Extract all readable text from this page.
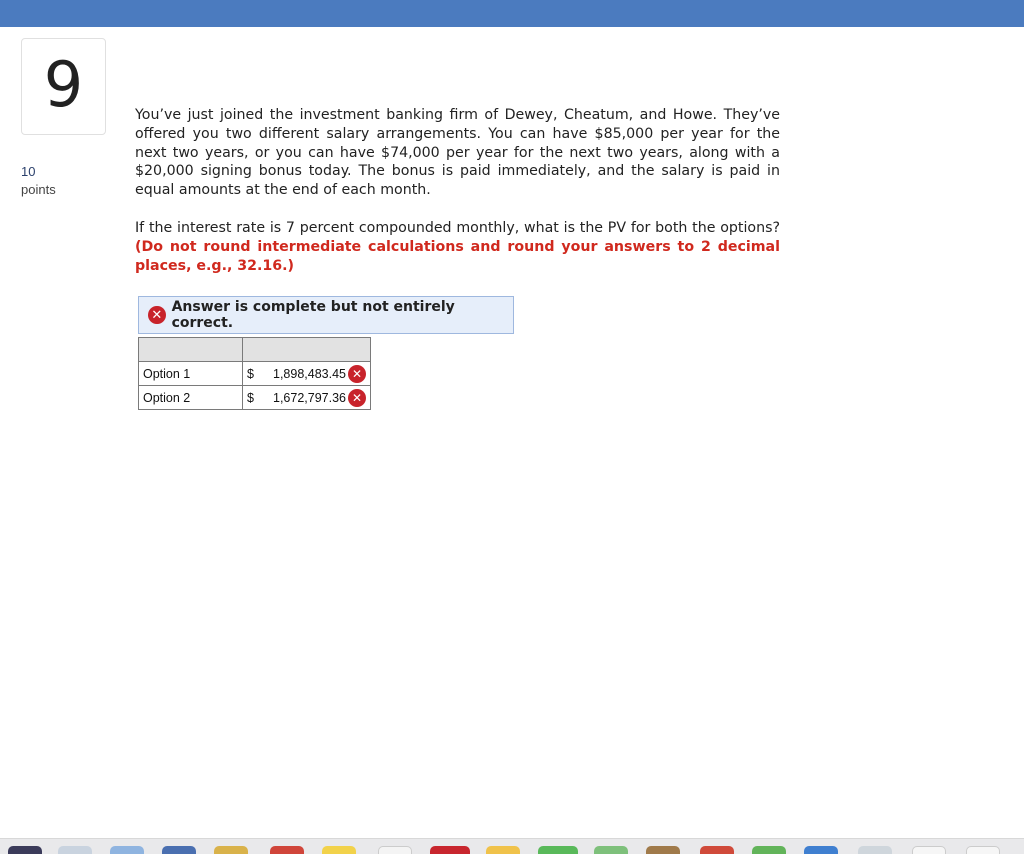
9
10
points

You’ve just joined the investment banking firm of Dewey, Cheatum, and Howe. They’ve offered you two different salary arrangements. You can have $85,000 per year for the next two years, or you can have $74,000 per year for the next two years, along with a $20,000 signing bonus today. The bonus is paid immediately, and the salary is paid in equal amounts at the end of each month.

If the interest rate is 7 percent compounded monthly, what is the PV for both the options? (Do not round intermediate calculations and round your answers to 2 decimal places, e.g., 32.16.)

✕ Answer is complete but not entirely correct.

Option 1	$ 1,898,483.45 ✕

Option 2	$ 1,672,797.36 ✕
